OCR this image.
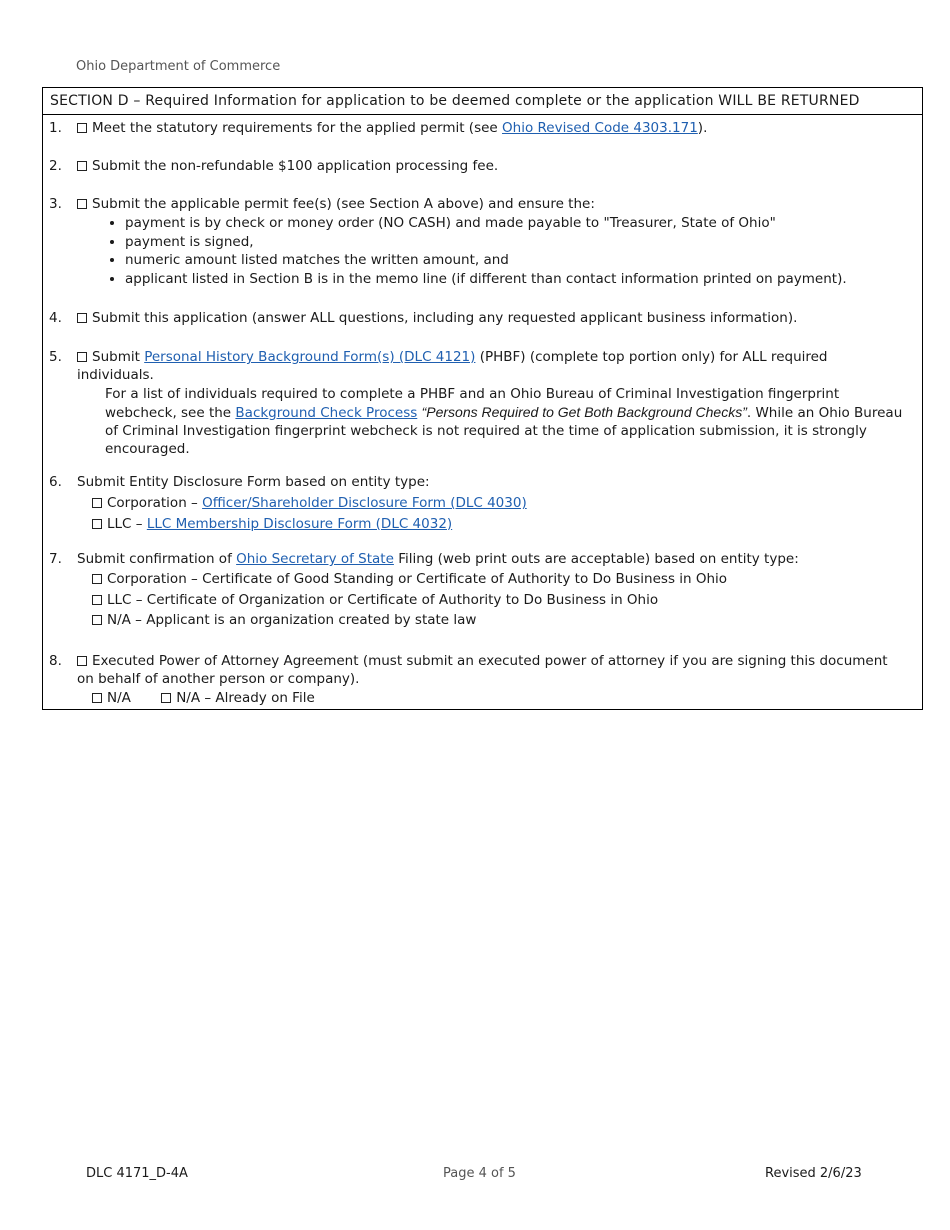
Ohio Department of Commerce
SECTION D – Required Information for application to be deemed complete or the application WILL BE RETURNED
1.	Meet the statutory requirements for the applied permit (see Ohio Revised Code 4303.171).
2.	Submit the non-refundable $100 application processing fee.
3.	Submit the applicable permit fee(s) (see Section A above) and ensure the:
• payment is by check or money order (NO CASH) and made payable to "Treasurer, State of Ohio"
• payment is signed,
• numeric amount listed matches the written amount, and
• applicant listed in Section B is in the memo line (if different than contact information printed on payment).
4.	Submit this application (answer ALL questions, including any requested applicant business information).
5.	Submit Personal History Background Form(s) (DLC 4121) (PHBF) (complete top portion only) for ALL required individuals.
For a list of individuals required to complete a PHBF and an Ohio Bureau of Criminal Investigation fingerprint webcheck, see the Background Check Process “Persons Required to Get Both Background Checks”. While an Ohio Bureau of Criminal Investigation fingerprint webcheck is not required at the time of application submission, it is strongly encouraged.
6. Submit Entity Disclosure Form based on entity type:
Corporation – Officer/Shareholder Disclosure Form (DLC 4030)
LLC – LLC Membership Disclosure Form (DLC 4032)
7. Submit confirmation of Ohio Secretary of State Filing (web print outs are acceptable) based on entity type:
Corporation – Certificate of Good Standing or Certificate of Authority to Do Business in Ohio
LLC – Certificate of Organization or Certificate of Authority to Do Business in Ohio
N/A – Applicant is an organization created by state law
8.	Executed Power of Attorney Agreement (must submit an executed power of attorney if you are signing this document on behalf of another person or company).
N/A	N/A – Already on File
DLC 4171_D-4A	Page 4 of 5	Revised 2/6/23
